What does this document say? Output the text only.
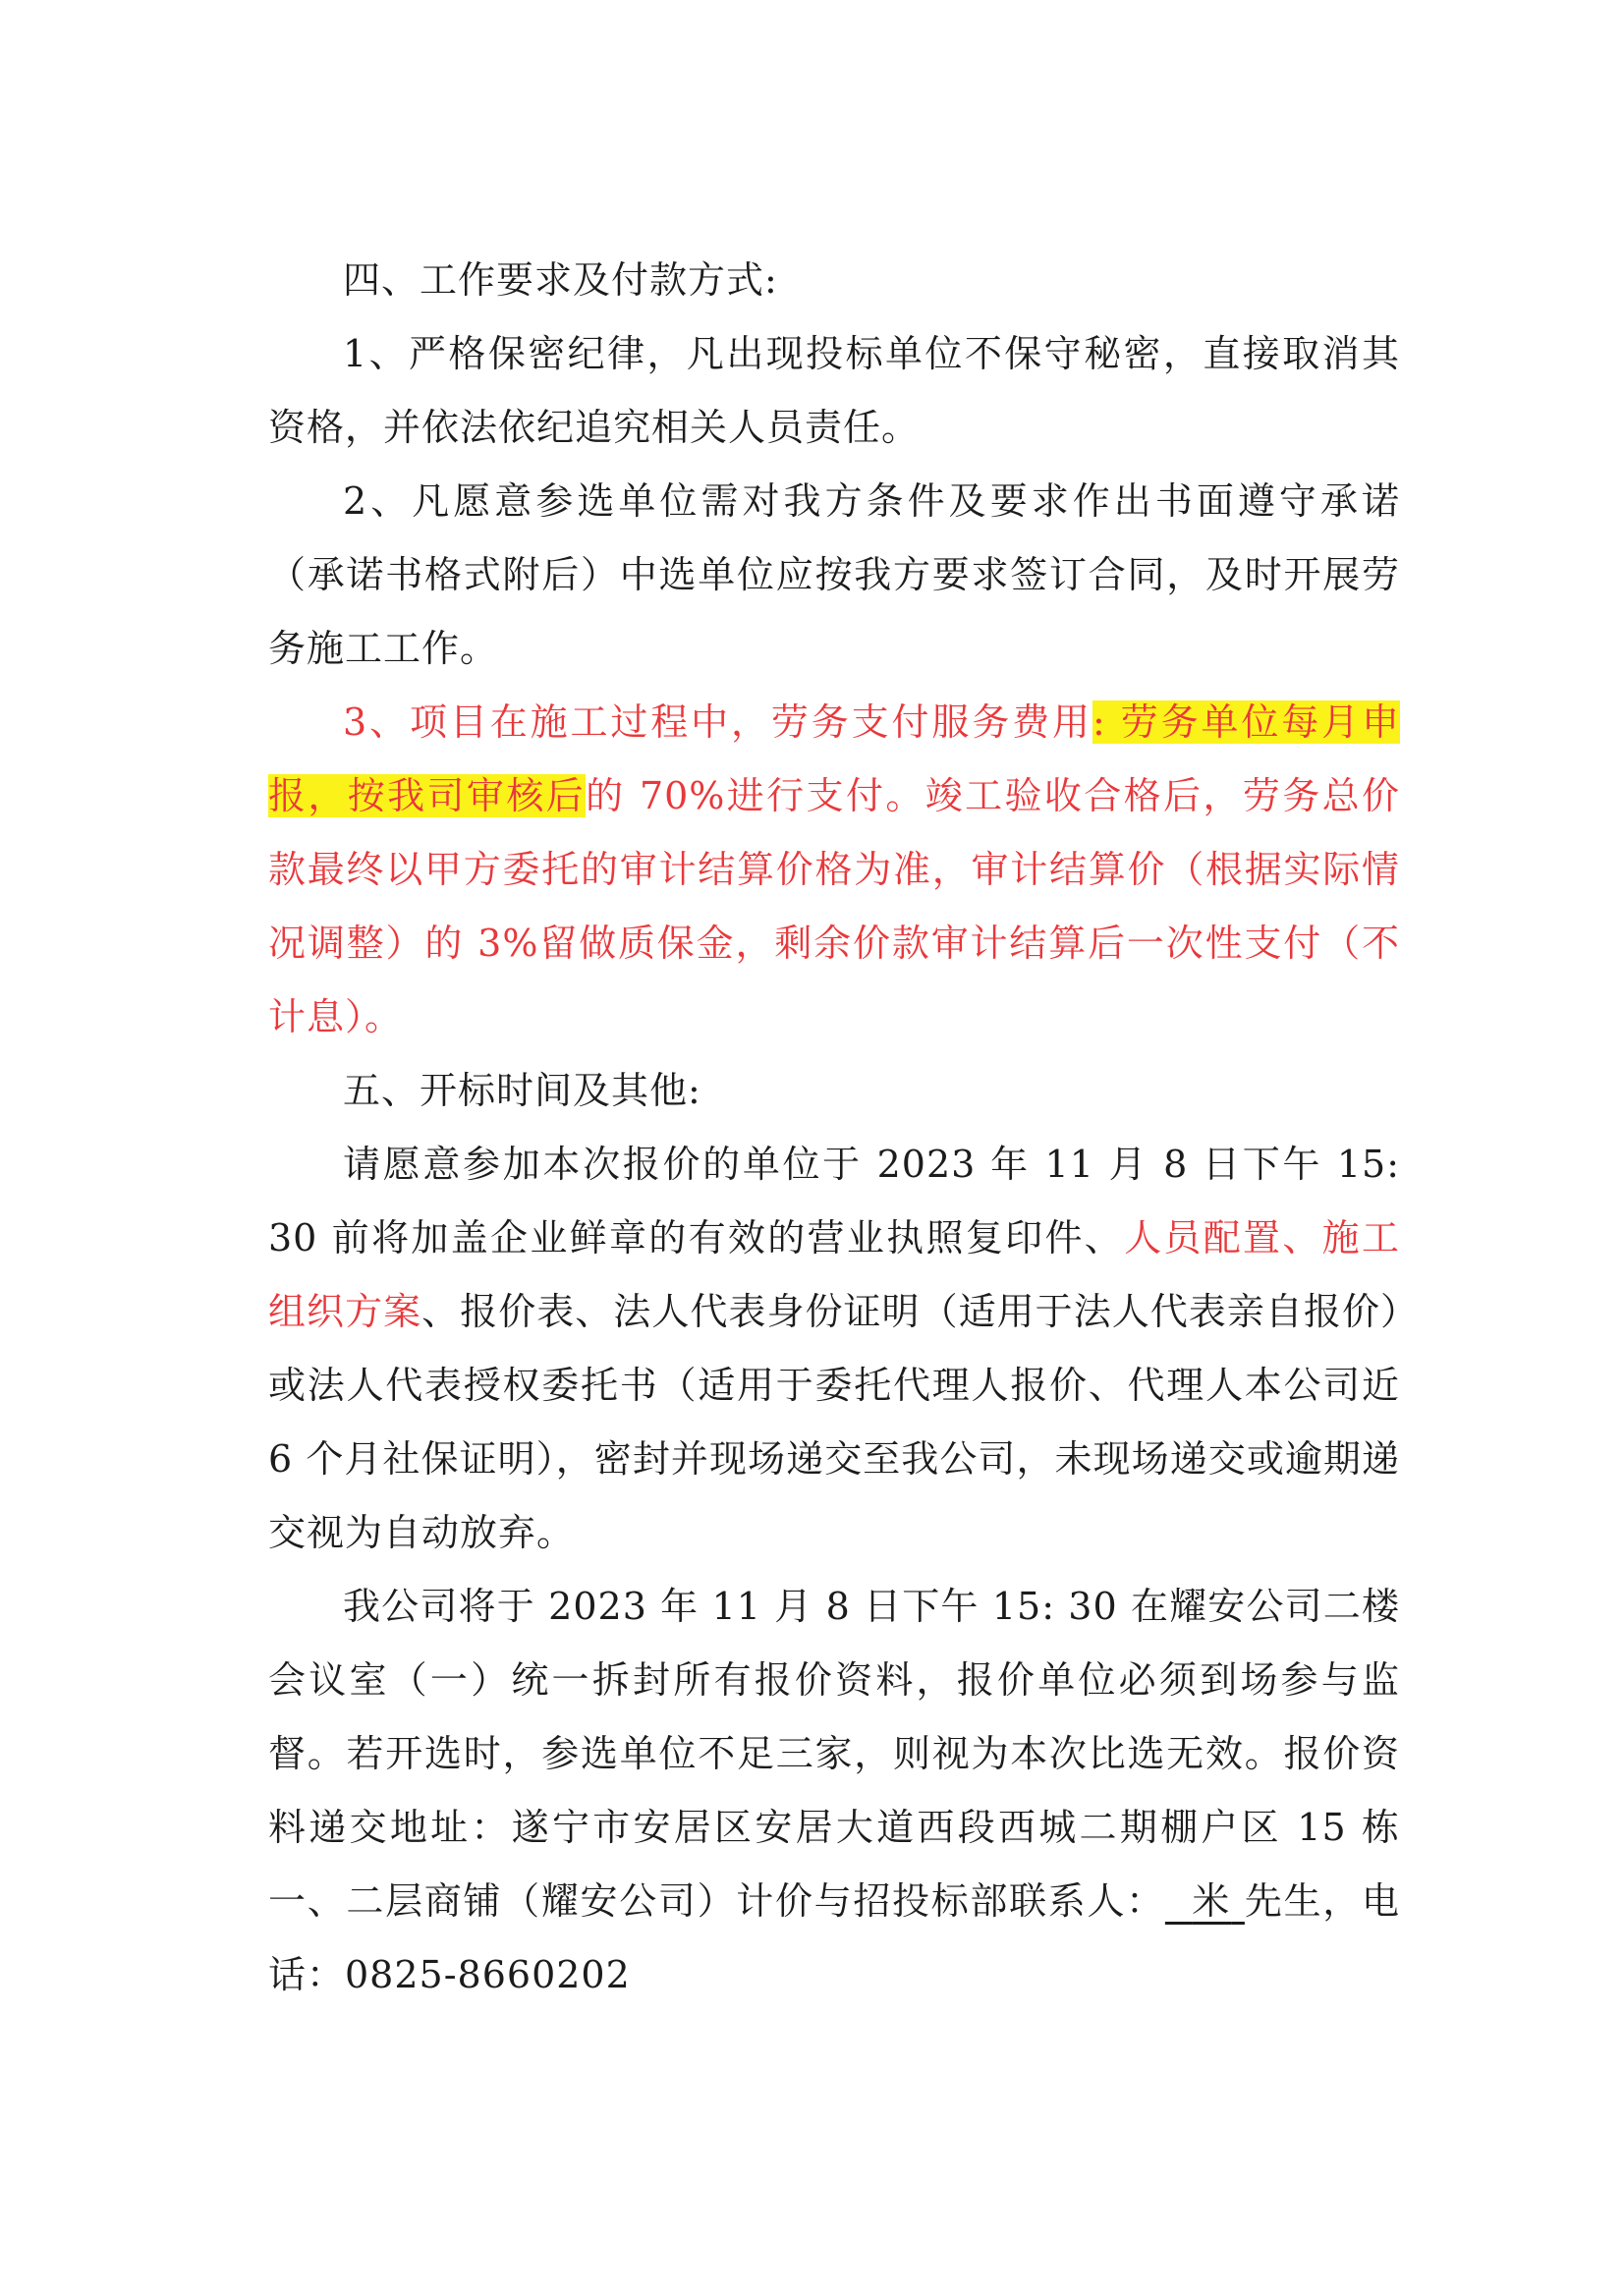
四、工作要求及付款方式:

1、严格保密纪律，凡出现投标单位不保守秘密，直接取消其资格，并依法依纪追究相关人员责任。

2、凡愿意参选单位需对我方条件及要求作出书面遵守承诺（承诺书格式附后）中选单位应按我方要求签订合同，及时开展劳务施工工作。

3、项目在施工过程中，劳务支付服务费用: 劳务单位每月申报，按我司审核后的 70%进行支付。竣工验收合格后，劳务总价款最终以甲方委托的审计结算价格为准，审计结算价（根据实际情况调整）的 3%留做质保金，剩余价款审计结算后一次性支付（不计息）。

五、开标时间及其他:

请愿意参加本次报价的单位于 2023 年 11 月 8 日下午 15: 30 前将加盖企业鲜章的有效的营业执照复印件、人员配置、施工组织方案、报价表、法人代表身份证明（适用于法人代表亲自报价）或法人代表授权委托书（适用于委托代理人报价、代理人本公司近 6 个月社保证明），密封并现场递交至我公司，未现场递交或逾期递交视为自动放弃。

我公司将于 2023 年 11 月 8 日下午 15: 30 在耀安公司二楼会议室（一）统一拆封所有报价资料，报价单位必须到场参与监督。若开选时，参选单位不足三家，则视为本次比选无效。报价资料递交地址：遂宁市安居区安居大道西段西城二期棚户区 15 栋一、二层商铺（耀安公司）计价与招投标部联系人： 米 先生，电话：0825-8660202
